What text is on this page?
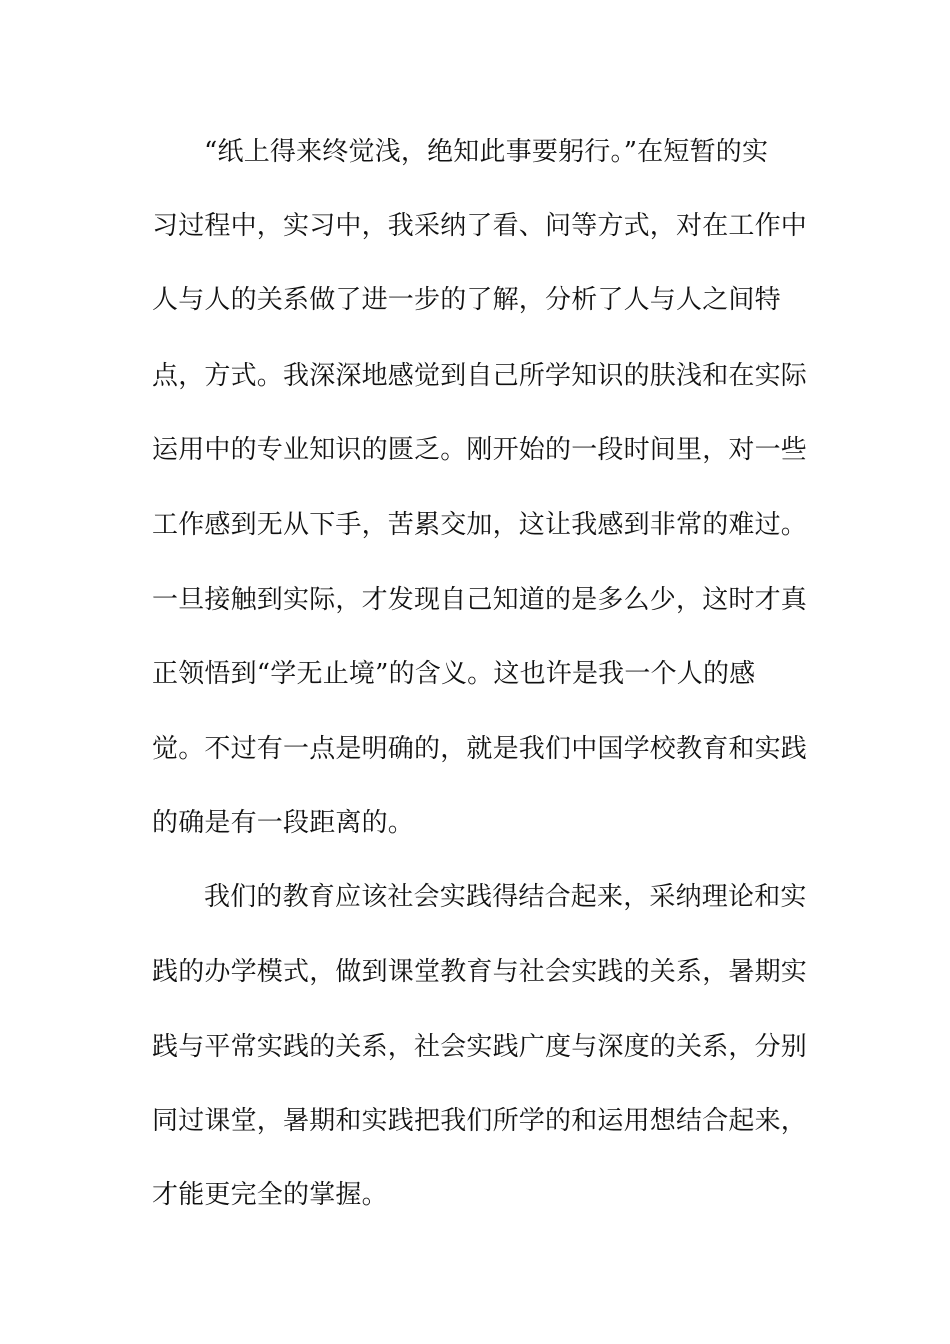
“纸上得来终觉浅，绝知此事要躬行。”在短暂的实
习过程中，实习中，我采纳了看、问等方式，对在工作中
人与人的关系做了进一步的了解，分析了人与人之间特
点，方式。我深深地感觉到自己所学知识的肤浅和在实际
运用中的专业知识的匮乏。刚开始的一段时间里，对一些
工作感到无从下手，苦累交加，这让我感到非常的难过。
一旦接触到实际，才发现自己知道的是多么少，这时才真
正领悟到“学无止境”的含义。这也许是我一个人的感
觉。不过有一点是明确的，就是我们中国学校教育和实践
的确是有一段距离的。
我们的教育应该社会实践得结合起来，采纳理论和实
践的办学模式，做到课堂教育与社会实践的关系，暑期实
践与平常实践的关系，社会实践广度与深度的关系，分别
同过课堂，暑期和实践把我们所学的和运用想结合起来，
才能更完全的掌握。
